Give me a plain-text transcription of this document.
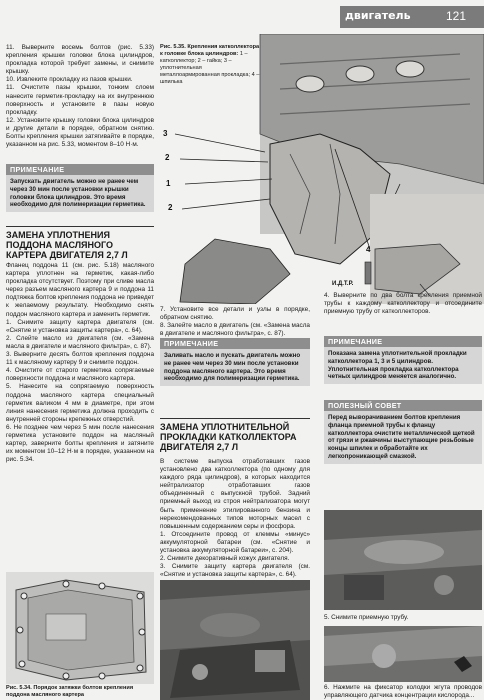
двигатель	121

11. Выверните восемь болтов (рис. 5.33) крепления крышки головки блока цилиндров, прокладка которой требует замены, и снимите крышку.

10. Извлеките прокладку из пазов крышки.

11. Очистите пазы крышки, тонким слоем нанесите герметик-прокладку на их внутреннюю поверхность и установите в пазы новую прокладку.

12. Установите крышку головки блока цилиндров и другие детали в порядке, обратном снятию. Болты крепления крышки затягивайте в порядке, указанном на рис. 5.33, моментом 8–10 Н·м.

ПРИМЕЧАНИЕ
Запускать двигатель можно не ранее чем через 30 мин после установки крышки головки блока цилиндров. Это время необходимо для полимеризации герметика.
ЗАМЕНА УПЛОТНЕНИЯ ПОДДОНА МАСЛЯНОГО КАРТЕРА ДВИГАТЕЛЯ 2,7 Л

Фланец поддона 11 (см. рис. 5.18) масляного картера уплотнен на герметик, какая-либо прокладка отсутствует. Поэтому при сливе масла через разъем масляного картера 9 и поддона 11 подтяжка болтов крепления поддона не приведет к желаемому результату. Необходимо снять поддон масляного картера и заменить герметик.

1. Снимите защиту картера двигателя (см. «Снятие и установка защиты картера», с. 64).

2. Слейте масло из двигателя (см. «Замена масла в двигателе и масляного фильтра», с. 87).

3. Выверните десять болтов крепления поддона 11 к масляному картеру 9 и снимите поддон.

4. Очистите от старого герметика сопрягаемые поверхности поддона и масляного картера.

5. Нанесите на сопрягаемую поверхность поддона масляного картера специальный герметик валиком 4 мм в диаметре, при этом линия нанесения герметика должна проходить с внутренней стороны крепежных отверстий.

6. Не позднее чем через 5 мин после нанесения герметика установите поддон на масляный картер, заверните болты крепления и затяните их моментом 10–12 Н·м в порядке, указанном на рис. 5.34.

Рис. 5.34. Порядок затяжки болтов крепления поддона масляного картера
Рис. 5.35. Крепления катколлектора к головке блока цилиндров: 1 – катколлектор; 2 – гайка; 3 – уплотнительная металлоармированная прокладка; 4 – шпилька
3
2
1
2
4
И.Д.Т.Р.

7. Установите все детали и узлы в порядке, обратном снятию.

8. Залейте масло в двигатель (см. «Замена масла в двигателе и масляного фильтра», с. 87).

ПРИМЕЧАНИЕ
Заливать масло и пускать двигатель можно не ранее чем через 30 мин после установки поддона масляного картера. Это время необходимо для полимеризации герметика.
ЗАМЕНА УПЛОТНИТЕЛЬНОЙ ПРОКЛАДКИ КАТКОЛЛЕКТОРА ДВИГАТЕЛЯ 2,7 Л

В системе выпуска отработавших газов установлено два катколлектора (по одному для каждого ряда цилиндров), в которых находится нейтрализатор отработавших газов объединенный с выпускной трубой. Задний приемный выход из строя нейтрализатора могут быть применение этилированного бензина и нерекомендованных типов моторных масел с повышенным содержанием серы и фосфора.

1. Отсоедините провод от клеммы «минус» аккумуляторной батареи (см. «Снятие и установка аккумуляторной батареи», с. 204).

2. Снимите декоративный кожух двигателя.

3. Снимите защиту картера двигателя (см. «Снятие и установка защиты картера», с. 64).

4. Выверните по два болта крепления приемной трубы к каждому катколлектору и отсоедините приемную трубу от катколлекторов.

ПРИМЕЧАНИЕ
Показана замена уплотнительной прокладки катколлектора 1, 3 и 5 цилиндров. Уплотнительная прокладка катколлектора четных цилиндров меняется аналогично.
ПОЛЕЗНЫЙ СОВЕТ
Перед выворачиванием болтов крепления фланца приемной трубы к фланцу катколлектора очистите металлической щеткой от грязи и ржавчины выступающие резьбовые концы шпилек и обработайте их легкопроникающей смазкой.

5. Снимите приемную трубу.

6. Нажмите на фиксатор колодки жгута проводов управляющего датчика концентрации кислорода...
